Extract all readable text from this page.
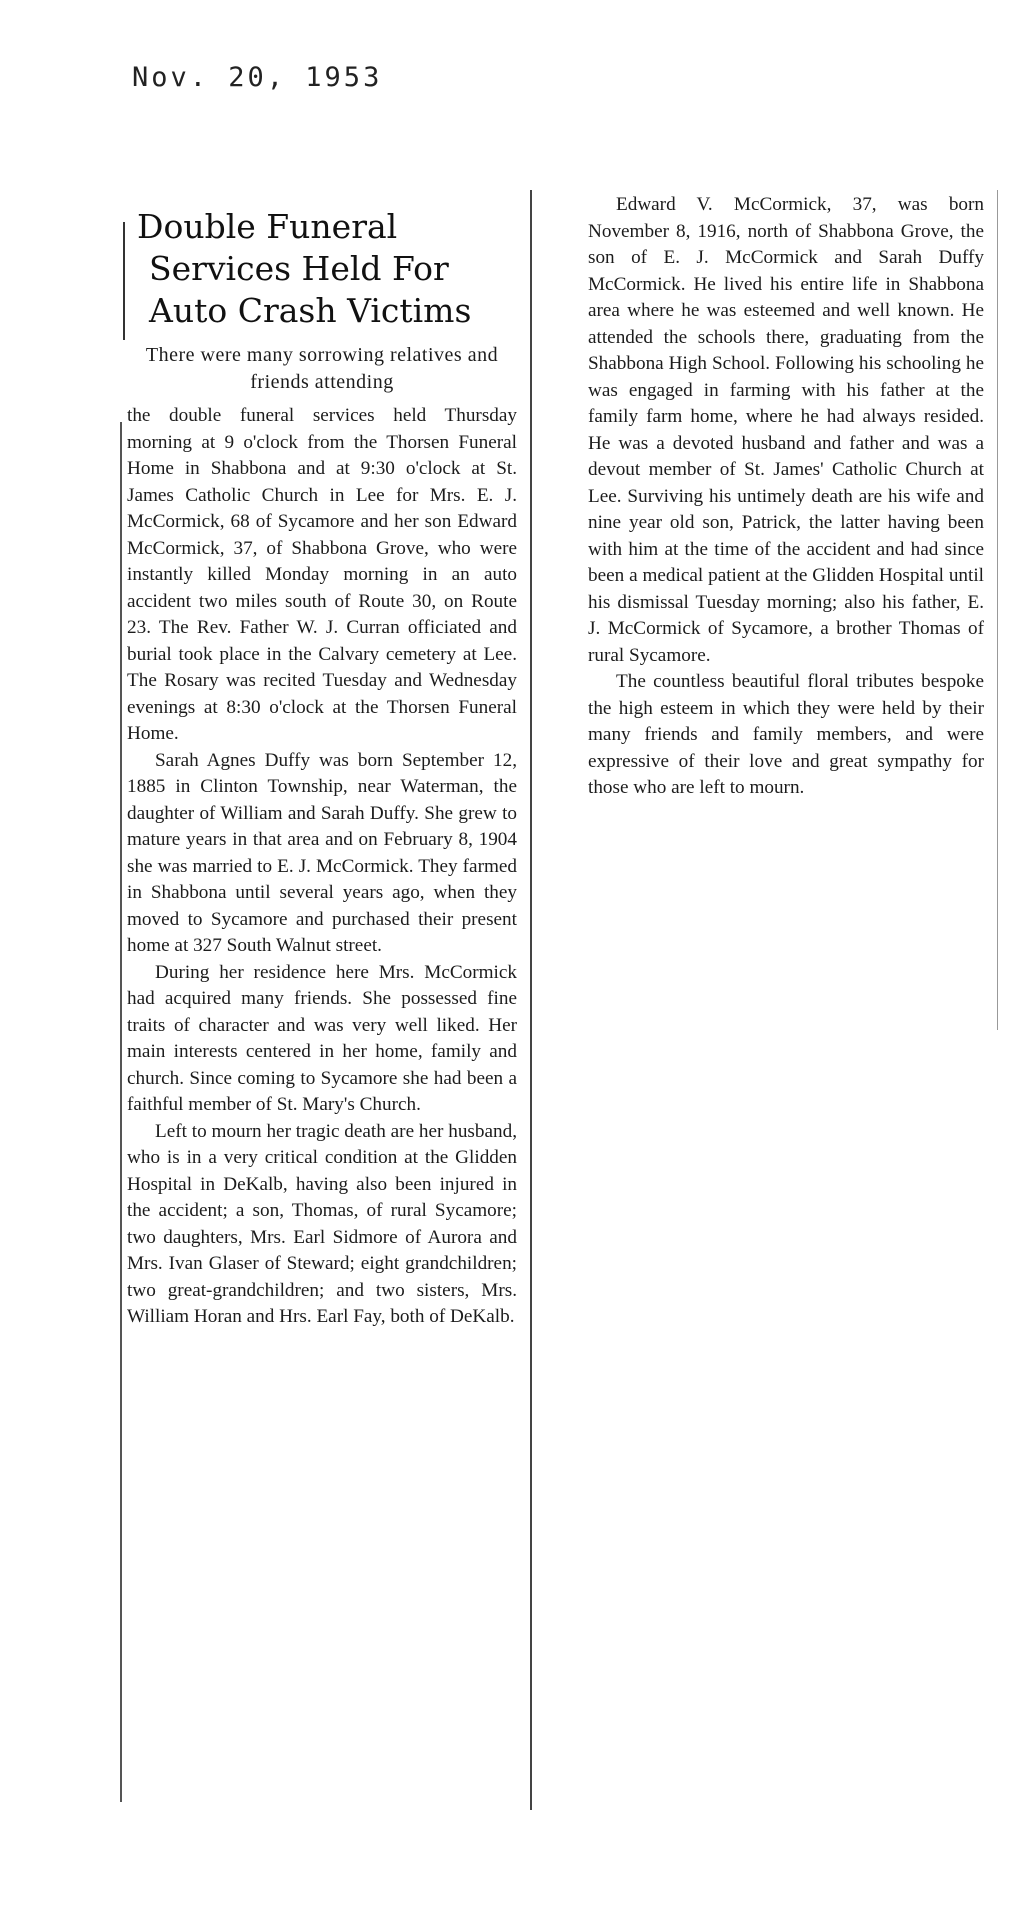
Nov. 20, 1953
Double Funeral
Services Held For
Auto Crash Victims
There were many sorrowing relatives and friends attending

the double funeral services held Thursday morning at 9 o'clock from the Thorsen Funeral Home in Shabbona and at 9:30 o'clock at St. James Catholic Church in Lee for Mrs. E. J. McCormick, 68 of Sycamore and her son Edward McCormick, 37, of Shabbona Grove, who were instantly killed Monday morning in an auto accident two miles south of Route 30, on Route 23. The Rev. Father W. J. Curran officiated and burial took place in the Calvary cemetery at Lee. The Rosary was recited Tuesday and Wednesday evenings at 8:30 o'clock at the Thorsen Funeral Home.

Sarah Agnes Duffy was born September 12, 1885 in Clinton Township, near Waterman, the daughter of William and Sarah Duffy. She grew to mature years in that area and on February 8, 1904 she was married to E. J. McCormick. They farmed in Shabbona until several years ago, when they moved to Sycamore and purchased their present home at 327 South Walnut street.

During her residence here Mrs. McCormick had acquired many friends. She possessed fine traits of character and was very well liked. Her main interests centered in her home, family and church. Since coming to Sycamore she had been a faithful member of St. Mary's Church.

Left to mourn her tragic death are her husband, who is in a very critical condition at the Glidden Hospital in DeKalb, having also been injured in the accident; a son, Thomas, of rural Sycamore; two daughters, Mrs. Earl Sidmore of Aurora and Mrs. Ivan Glaser of Steward; eight grandchildren; two great-grandchildren; and two sisters, Mrs. William Horan and Hrs. Earl Fay, both of DeKalb.

Edward V. McCormick, 37, was born November 8, 1916, north of Shabbona Grove, the son of E. J. McCormick and Sarah Duffy McCormick. He lived his entire life in Shabbona area where he was esteemed and well known. He attended the schools there, graduating from the Shabbona High School. Following his schooling he was engaged in farming with his father at the family farm home, where he had always resided. He was a devoted husband and father and was a devout member of St. James' Catholic Church at Lee. Surviving his untimely death are his wife and nine year old son, Patrick, the latter having been with him at the time of the accident and had since been a medical patient at the Glidden Hospital until his dismissal Tuesday morning; also his father, E. J. McCormick of Sycamore, a brother Thomas of rural Sycamore.

The countless beautiful floral tributes bespoke the high esteem in which they were held by their many friends and family members, and were expressive of their love and great sympathy for those who are left to mourn.
